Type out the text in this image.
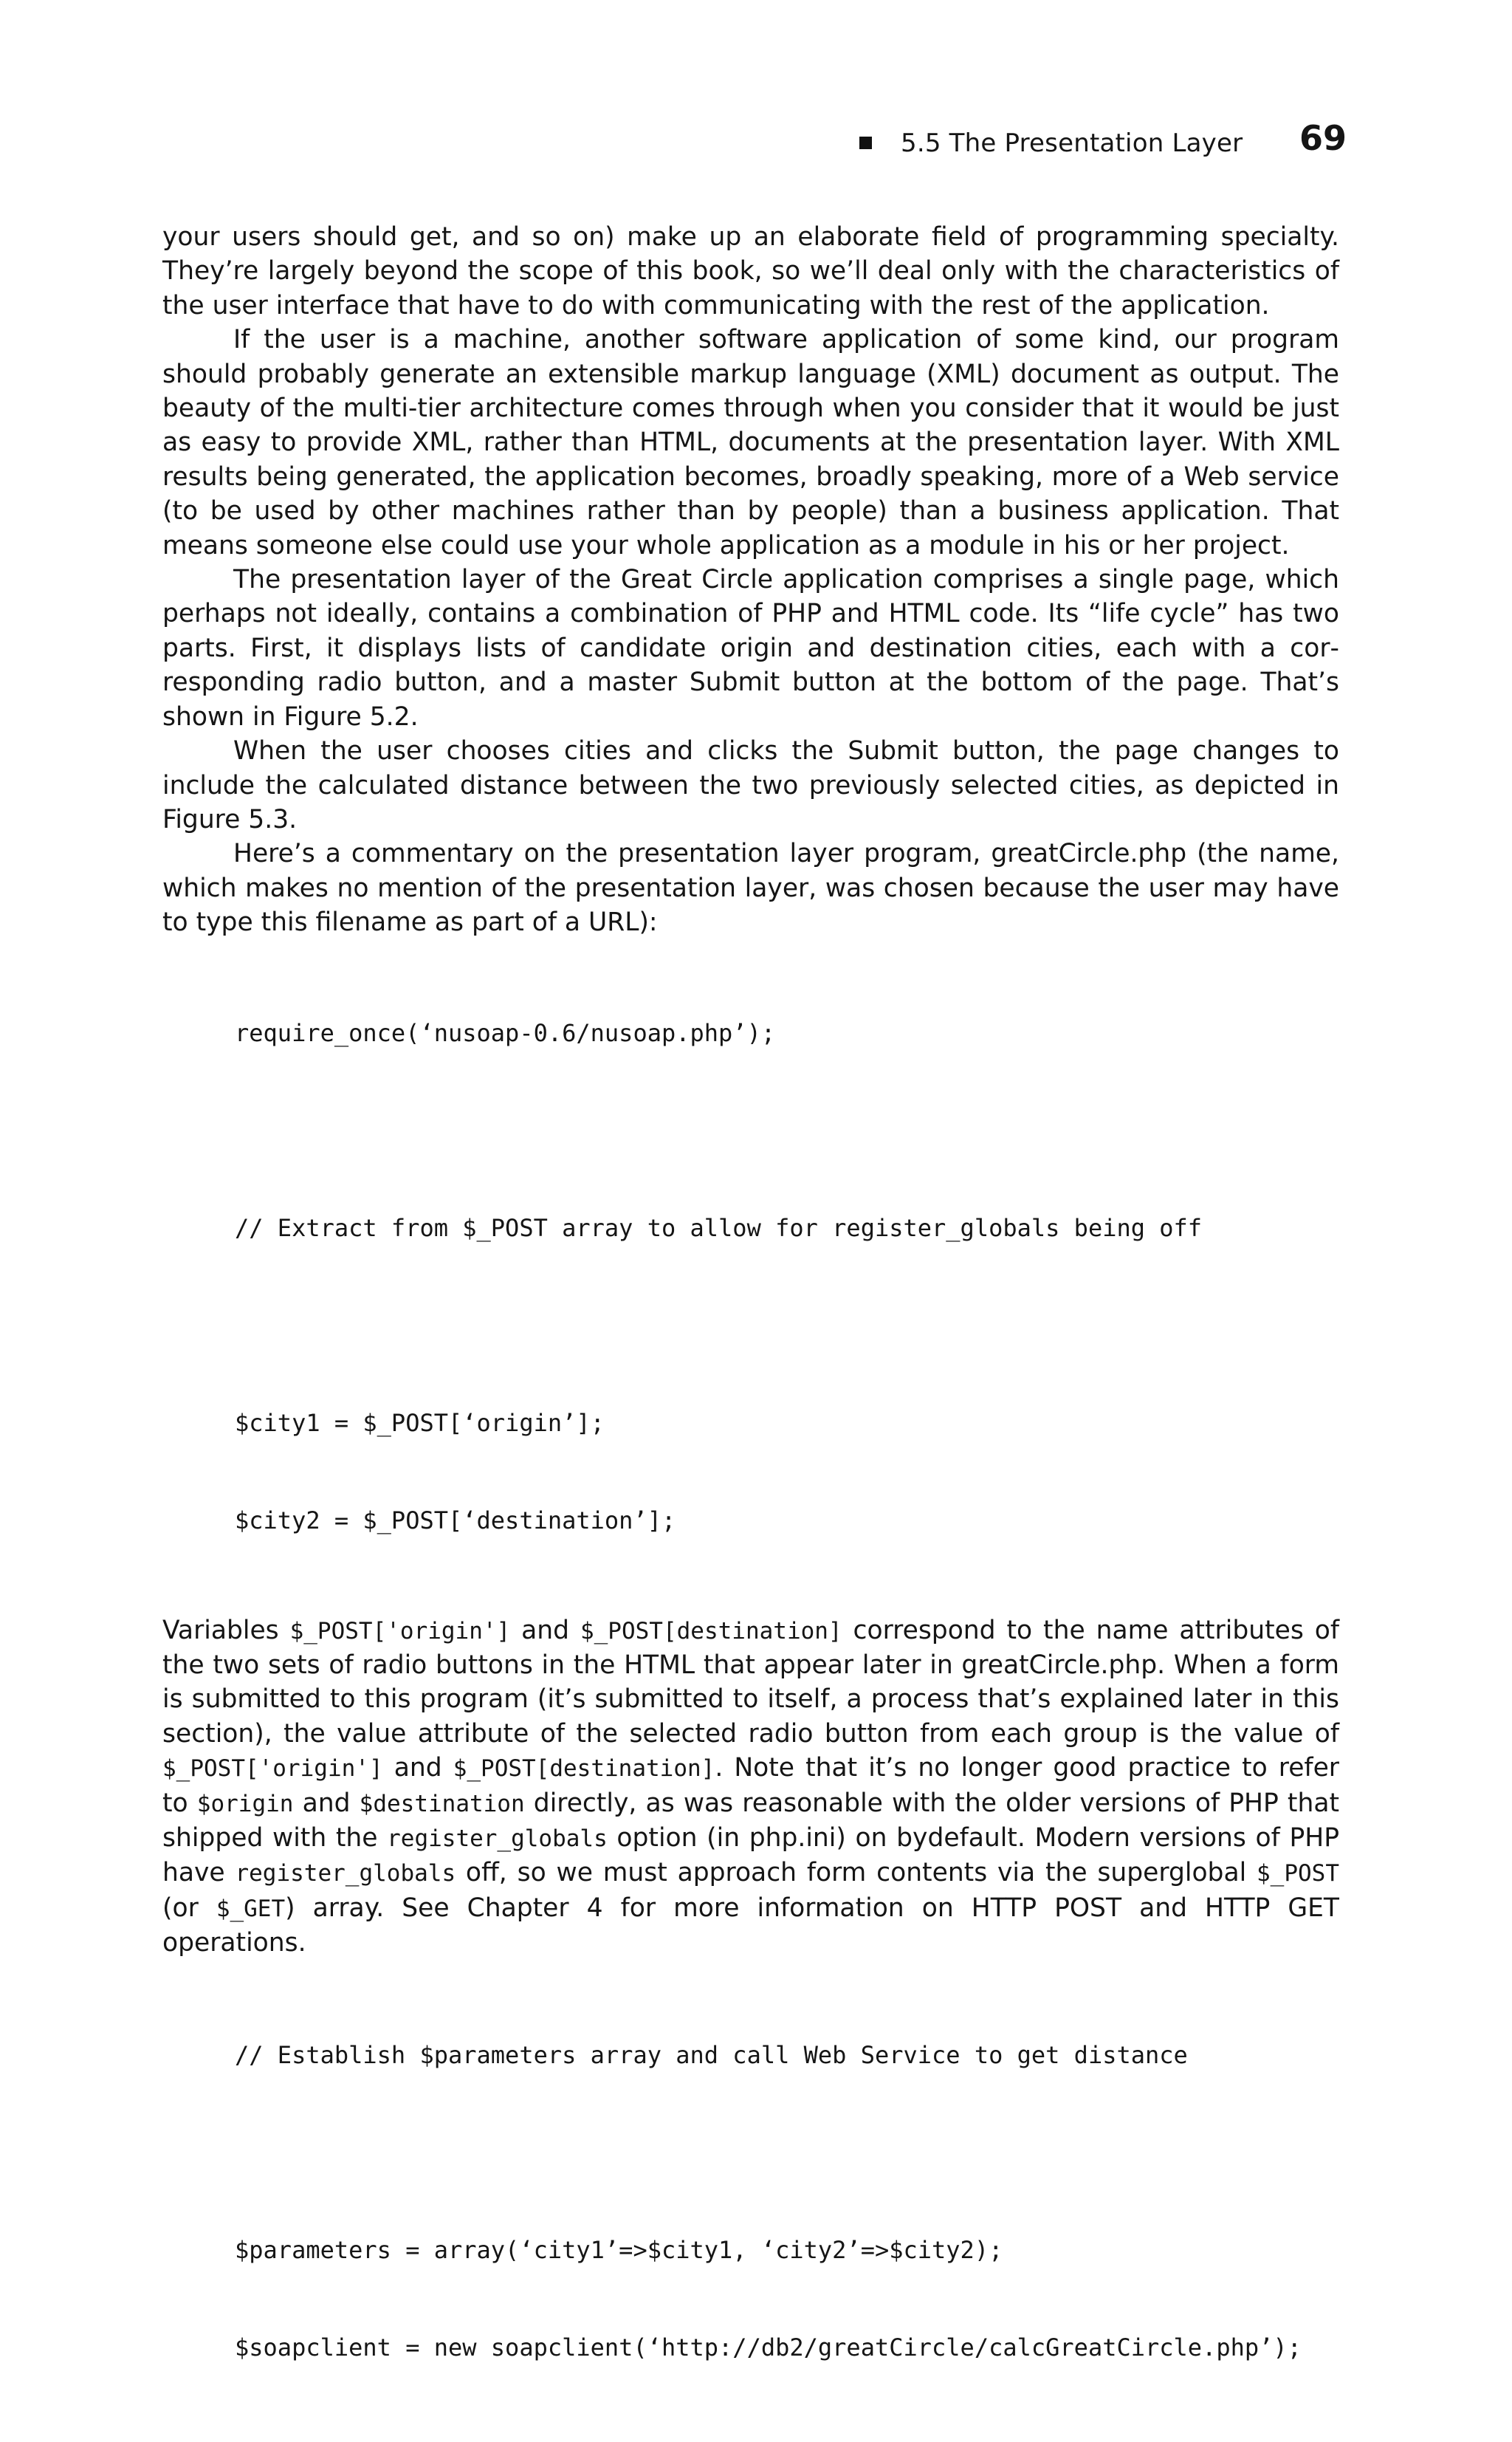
5.5 The Presentation Layer 69

your users should get, and so on) make up an elaborate field of programming specialty. They’re largely beyond the scope of this book, so we’ll deal only with the characteristics of the user interface that have to do with communicating with the rest of the application.

If the user is a machine, another software application of some kind, our program should probably generate an extensible markup language (XML) document as output. The beauty of the multi-tier architecture comes through when you consider that it would be just as easy to provide XML, rather than HTML, documents at the presentation layer. With XML results being generated, the application becomes, broadly speaking, more of a Web service (to be used by other machines rather than by people) than a business application. That means someone else could use your whole application as a module in his or her project.

The presentation layer of the Great Circle application comprises a single page, which perhaps not ideally, contains a combination of PHP and HTML code. Its “life cycle” has two parts. First, it displays lists of candidate origin and destination cities, each with a corresponding radio button, and a master Submit button at the bottom of the page. That’s shown in Figure 5.2.

When the user chooses cities and clicks the Submit button, the page changes to include the calculated distance between the two previously selected cities, as depicted in Figure 5.3.

Here’s a commentary on the presentation layer program, greatCircle.php (the name, which makes no mention of the presentation layer, was chosen because the user may have to type this filename as part of a URL):

require_once(‘nusoap-0.6/nusoap.php’);

// Extract from $_POST array to allow for register_globals being off

$city1 = $_POST[‘origin’];

$city2 = $_POST[‘destination’];

Variables $_POST['origin'] and $_POST[destination] correspond to the name attributes of the two sets of radio buttons in the HTML that appear later in greatCircle.php. When a form is submitted to this program (it’s submitted to itself, a process that’s explained later in this section), the value attribute of the selected radio button from each group is the value of $_POST['origin'] and $_POST[destination]. Note that it’s no longer good practice to refer to $origin and $destination directly, as was reasonable with the older versions of PHP that shipped with the register_globals option (in php.ini) on bydefault. Modern versions of PHP have register_globals off, so we must approach form contents via the superglobal $_POST (or $_GET) array. See Chapter 4 for more information on HTTP POST and HTTP GET operations.

// Establish $parameters array and call Web Service to get distance

$parameters = array(‘city1’=>$city1, ‘city2’=>$city2);

$soapclient = new soapclient(‘http://db2/greatCircle/calcGreatCircle.php’);
